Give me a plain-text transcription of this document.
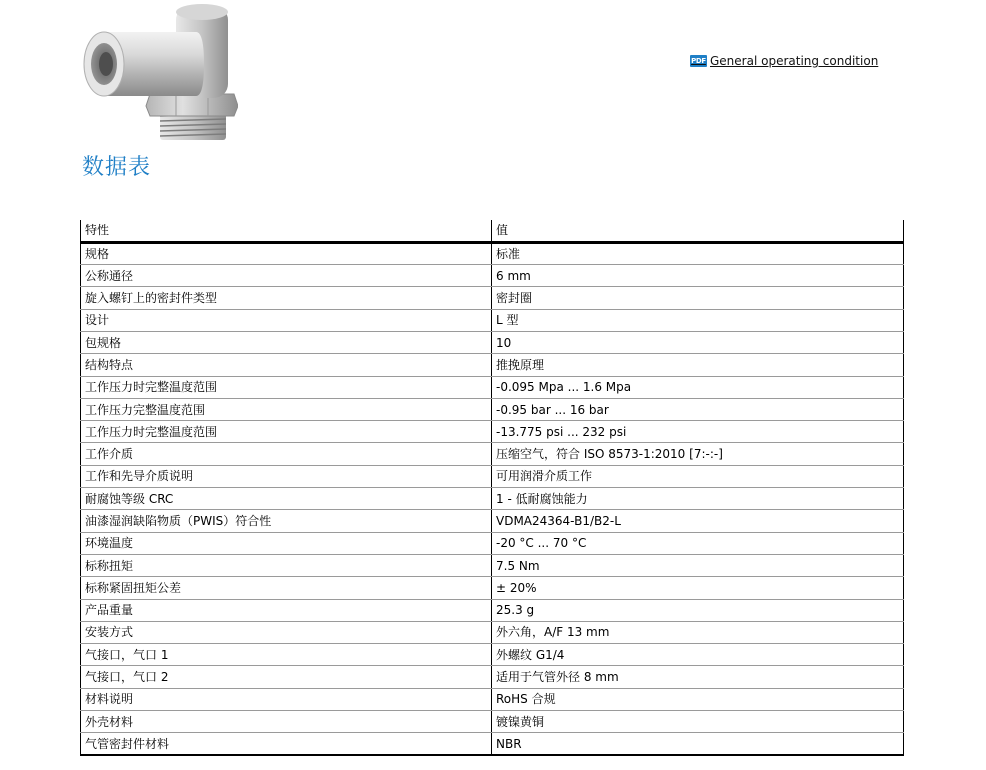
PDF General operating condition
数据表
特性	值
规格	标准
公称通径	6 mm
旋入螺钉上的密封件类型	密封圈
设计	L 型
包规格	10
结构特点	推挽原理
工作压力时完整温度范围	-0.095 Mpa ... 1.6 Mpa
工作压力完整温度范围	-0.95 bar ... 16 bar
工作压力时完整温度范围	-13.775 psi ... 232 psi
工作介质	压缩空气，符合 ISO 8573-1:2010 [7:-:-]
工作和先导介质说明	可用润滑介质工作
耐腐蚀等级 CRC	1 - 低耐腐蚀能力
油漆湿润缺陷物质（PWIS）符合性	VDMA24364-B1/B2-L
环境温度	-20 °C ... 70 °C
标称扭矩	7.5 Nm
标称紧固扭矩公差	± 20%
产品重量	25.3 g
安装方式	外六角，A/F 13 mm
气接口，气口 1	外螺纹 G1/4
气接口，气口 2	适用于气管外径 8 mm
材料说明	RoHS 合规
外壳材料	镀镍黄铜
气管密封件材料	NBR
